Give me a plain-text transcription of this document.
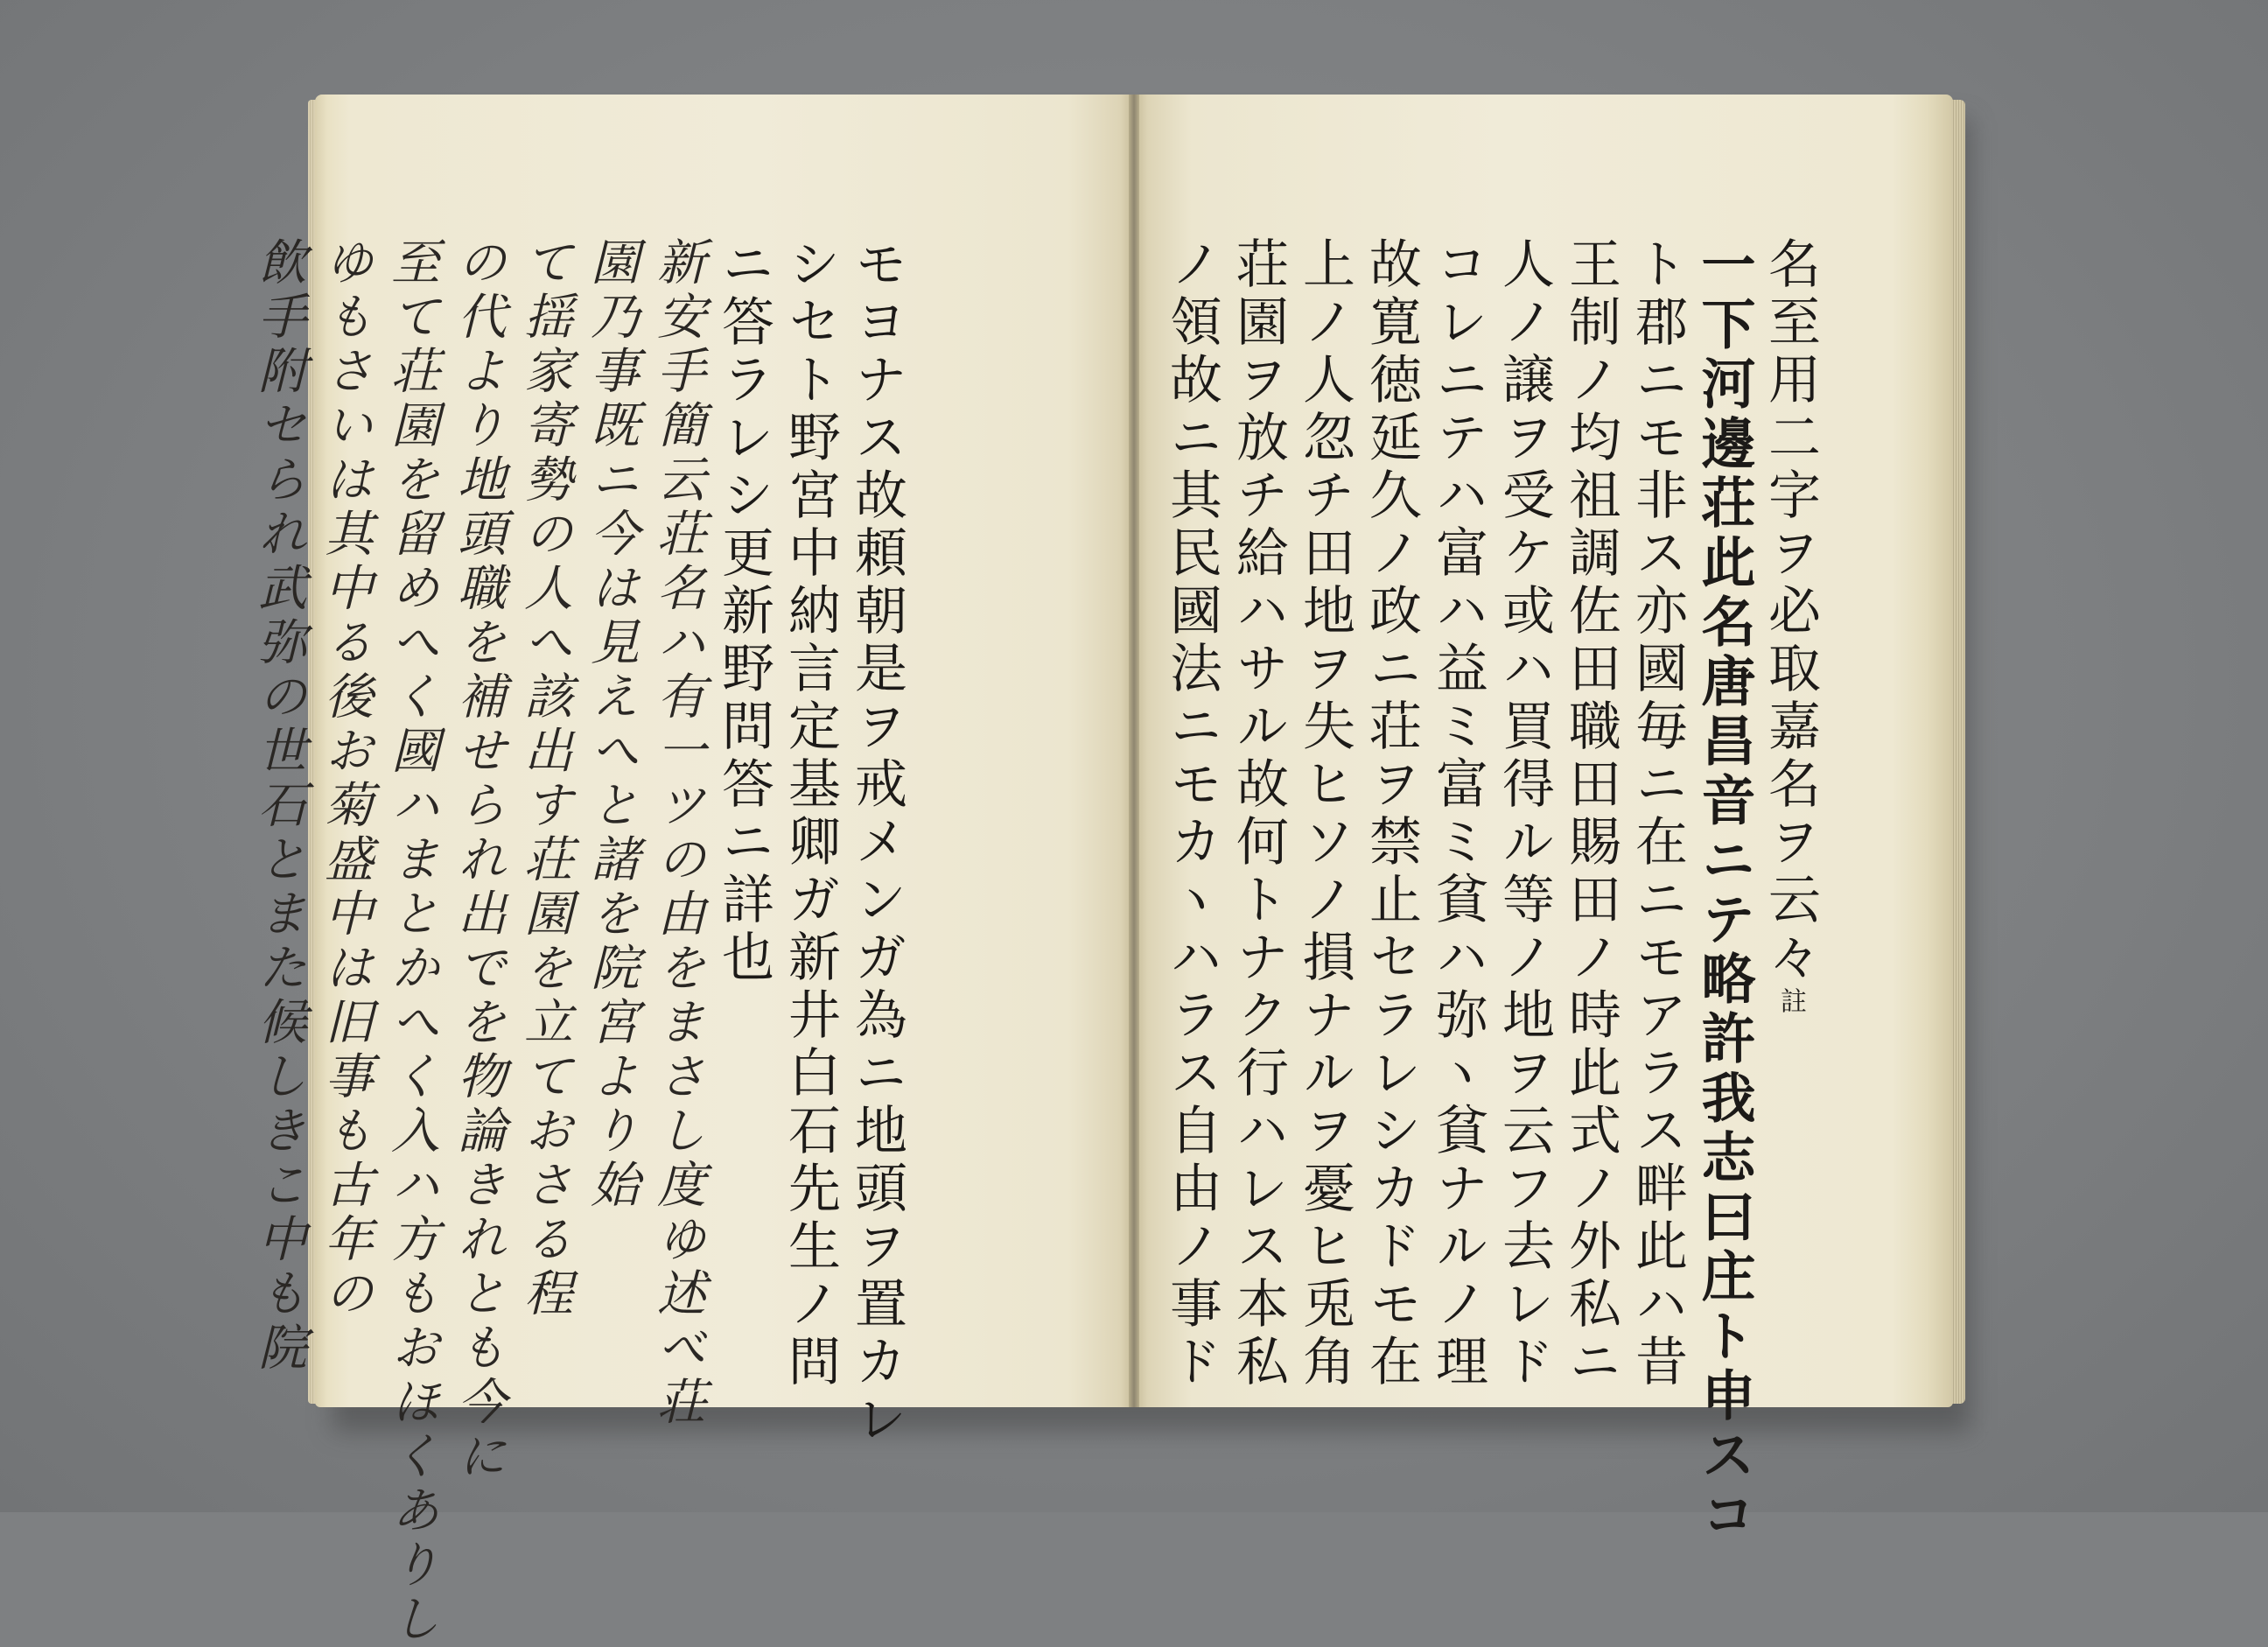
モヨナス故頼朝是ヲ戒メンガ為ニ地頭ヲ置カレ
シセト野宮中納言定基卿ガ新井白石先生ノ問
ニ答ラレシ更新野問答ニ詳也
新安手簡云荘名ハ有一ツの由をまさし度ゆ述べ荘
園乃事既ニ今は見えへと諸を院宮より始
て揺家寄勢の人へ該出す荘園を立ておさる程
の代より地頭職を補せられ出でを物論きれとも今に
至て荘園を留めへく國ハまとかへく入ハ方もおほくありし
ゆもさいは其中る後お菊盛中は旧事も古年の
飲手附セられ武弥の世石とまた候しきこ中も院	名至用二字ヲ必取嘉名ヲ云々註
一下河邊荘此名唐昌音ニテ略許我志曰庄ト申スコ
ト郡ニモ非ス亦國毎ニ在ニモアラス畔此ハ昔
王制ノ均祖調佐田職田賜田ノ時此式ノ外私ニ
人ノ譲ヲ受ケ或ハ買得ル等ノ地ヲ云フ去レド
コレニテハ富ハ益ミ富ミ貧ハ弥ヽ貧ナルノ理
故寛徳延久ノ政ニ荘ヲ禁止セラレシカドモ在
上ノ人忽チ田地ヲ失ヒソノ損ナルヲ憂ヒ兎角
荘園ヲ放チ給ハサル故何トナク行ハレス本私
ノ領故ニ其民國法ニモカヽハラス自由ノ事ド
